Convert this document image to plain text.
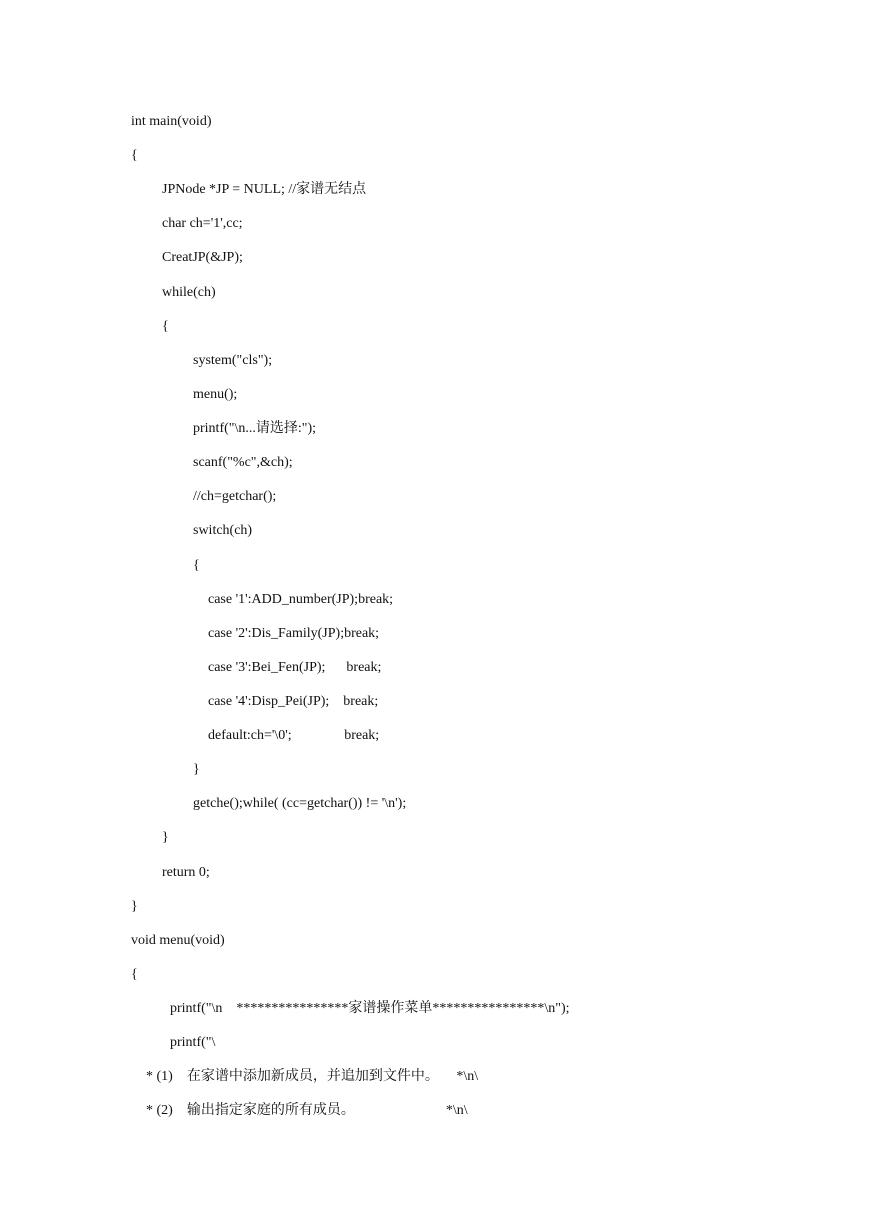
int main(void)
{
JPNode *JP = NULL; //家谱无结点
char ch='1',cc;
CreatJP(&JP);
while(ch)
{
system("cls");
menu();
printf("\n...请选择:");
scanf("%c",&ch);
//ch=getchar();
switch(ch)
{
case '1':ADD_number(JP);break;
case '2':Dis_Family(JP);break;
case '3':Bei_Fen(JP);      break;
case '4':Disp_Pei(JP);    break;
default:ch='\0';               break;
}
getche();while( (cc=getchar()) != '\n');
}
return 0;
}
void menu(void)
{
printf("\n    ****************家谱操作菜单****************\n");
printf("\
* (1)    在家谱中添加新成员，并追加到文件中。     *\n\
* (2)    输出指定家庭的所有成员。                          *\n\
